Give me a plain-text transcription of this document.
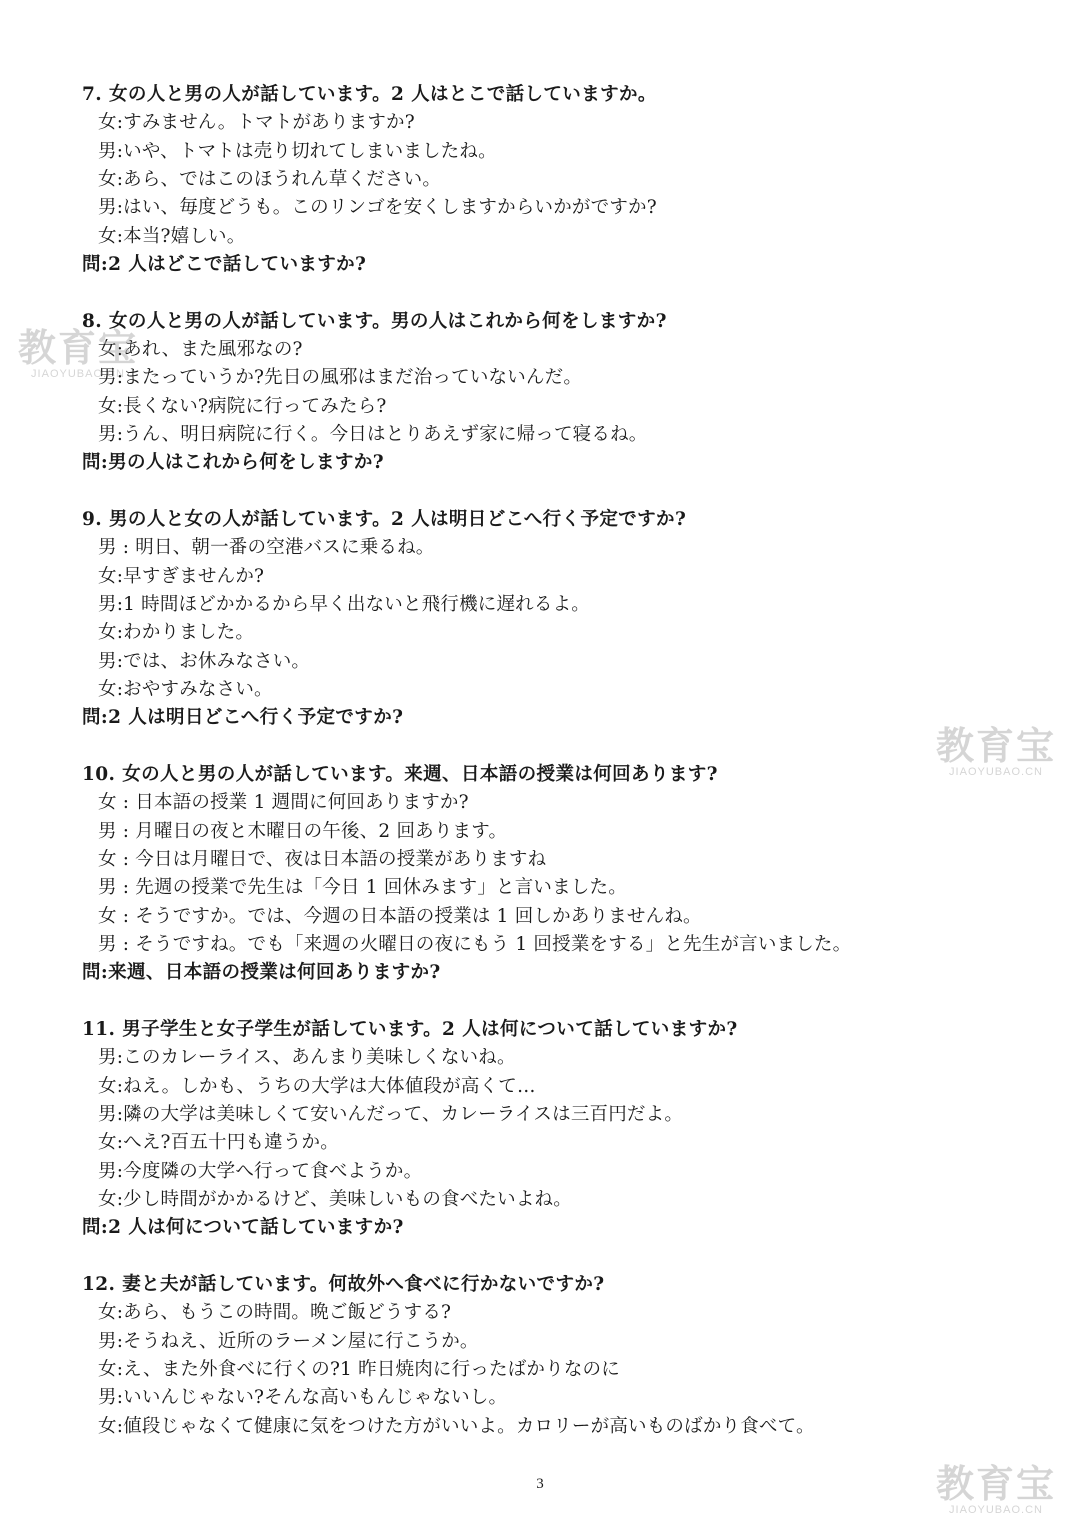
7. 女の人と男の人が話しています。2 人はとこで話していますか。
女:すみません。トマトがありますか?
男:いや、トマトは売り切れてしまいましたね。
女:あら、ではこのほうれん草ください。
男:はい、毎度どうも。このリンゴを安くしますからいかがですか?
女:本当?嬉しい。
問:2 人はどこで話していますか?
8. 女の人と男の人が話しています。男の人はこれから何をしますか?
女:あれ、また風邪なの?
男:またっていうか?先日の風邪はまだ治っていないんだ。
女:長くない?病院に行ってみたら?
男:うん、明日病院に行く。今日はとりあえず家に帰って寝るね。
問:男の人はこれから何をしますか?
9. 男の人と女の人が話しています。2 人は明日どこへ行く予定ですか?
男 : 明日、朝一番の空港バスに乗るね。
女:早すぎませんか?
男:1 時間ほどかかるから早く出ないと飛行機に遅れるよ。
女:わかりました。
男:では、お休みなさい。
女:おやすみなさい。
問:2 人は明日どこへ行く予定ですか?
10. 女の人と男の人が話しています。来週、日本語の授業は何回あります?
女 : 日本語の授業 1 週間に何回ありますか?
男 : 月曜日の夜と木曜日の午後、2 回あります。
女 : 今日は月曜日で、夜は日本語の授業がありますね
男 : 先週の授業で先生は「今日 1 回休みます」と言いました。
女 : そうですか。では、今週の日本語の授業は 1 回しかありませんね。
男 : そうですね。でも「来週の火曜日の夜にもう 1 回授業をする」と先生が言いました。
問:来週、日本語の授業は何回ありますか?
11. 男子学生と女子学生が話しています。2 人は何について話していますか?
男:このカレーライス、あんまり美味しくないね。
女:ねえ。しかも、うちの大学は大体値段が高くて…
男:隣の大学は美味しくて安いんだって、カレーライスは三百円だよ。
女:へえ?百五十円も違うか。
男:今度隣の大学へ行って食べようか。
女:少し時間がかかるけど、美味しいもの食べたいよね。
問:2 人は何について話していますか?
12. 妻と夫が話しています。何故外へ食べに行かないですか?
女:あら、もうこの時間。晩ご飯どうする?
男:そうねえ、近所のラーメン屋に行こうか。
女:え、また外食べに行くの?1 昨日焼肉に行ったばかりなのに
男:いいんじゃない?そんな高いもんじゃないし。
女:値段じゃなくて健康に気をつけた方がいいよ。カロリーが高いものばかり食べて。
3
教育宝
JIAOYUBAO.CN
教育宝
JIAOYUBAO.CN
教育宝
JIAOYUBAO.CN
